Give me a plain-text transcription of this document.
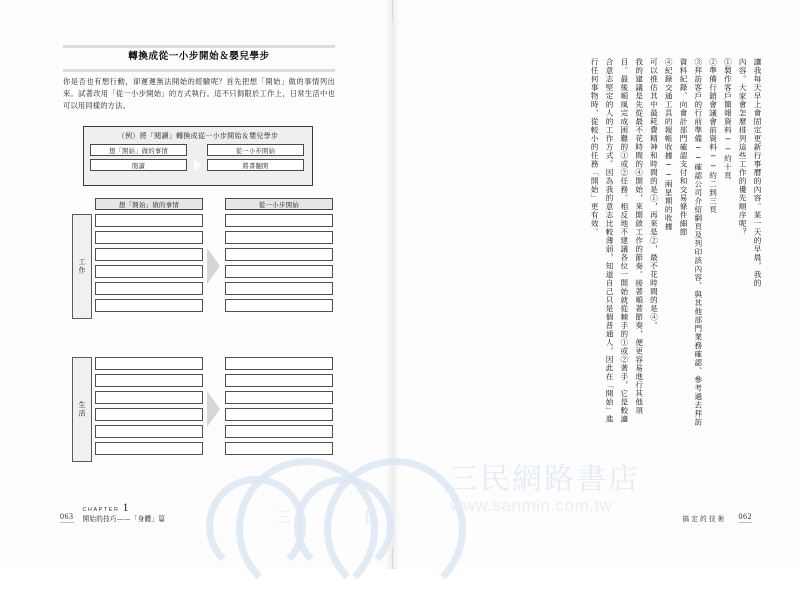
轉換成從一小步開始＆嬰兒學步
你是否也有想行動，卻遲遲無法開始的經驗呢？首先把想「開始」做的事情列出來。試著改用「從一小步開始」的方式執行。這不只侷限於工作上，日常生活中也可以用同樣的方法。
（例）將「閱讀」轉換成從一小步開始＆嬰兒學步
想「開始」做的事情	從一小步開始
閱讀	將書翻開
想「開始」做的事情	從一小步開始
工作
生活
063
CHAPTER 1
開始的技巧——「身體」篇
讓我每天早上會固定更新行事曆的內容。某一天的早晨，我的
內容。大家會怎麼排列這些工作的優先順序呢？
①製作客戶簡報資料──約十頁
②準備行銷會議會前資料──約二到三頁
③拜訪客戶的行前準備──確認公司介紹網頁及列印該內容、與其他部門業務確認、參考過去拜訪資料紀錄、向會計部門確認支付和交易條件細節
④紀錄交通工具的報帳收據──兩星期的收據
可以推估其中最耗費精神和時間的是①，再來是②，最不花時間的是④。
我的建議是先從最不花時間的④開始，來開啟工作的節奏。接著順著節奏，便更容易進行其他項目。最後順風完成困難的①或②任務。相反地不建議各位一開始就從棘手的①或②著手，它是較適合意志堅定的人的工作方式。因為我的意志比較薄弱，知道自己只是個普通人，因此在「開始」進行任何事物時，從較小的任務「開始」更有效。
搞定的技術 062
三	民
三民網路書店
www.sanmin.com.tw
